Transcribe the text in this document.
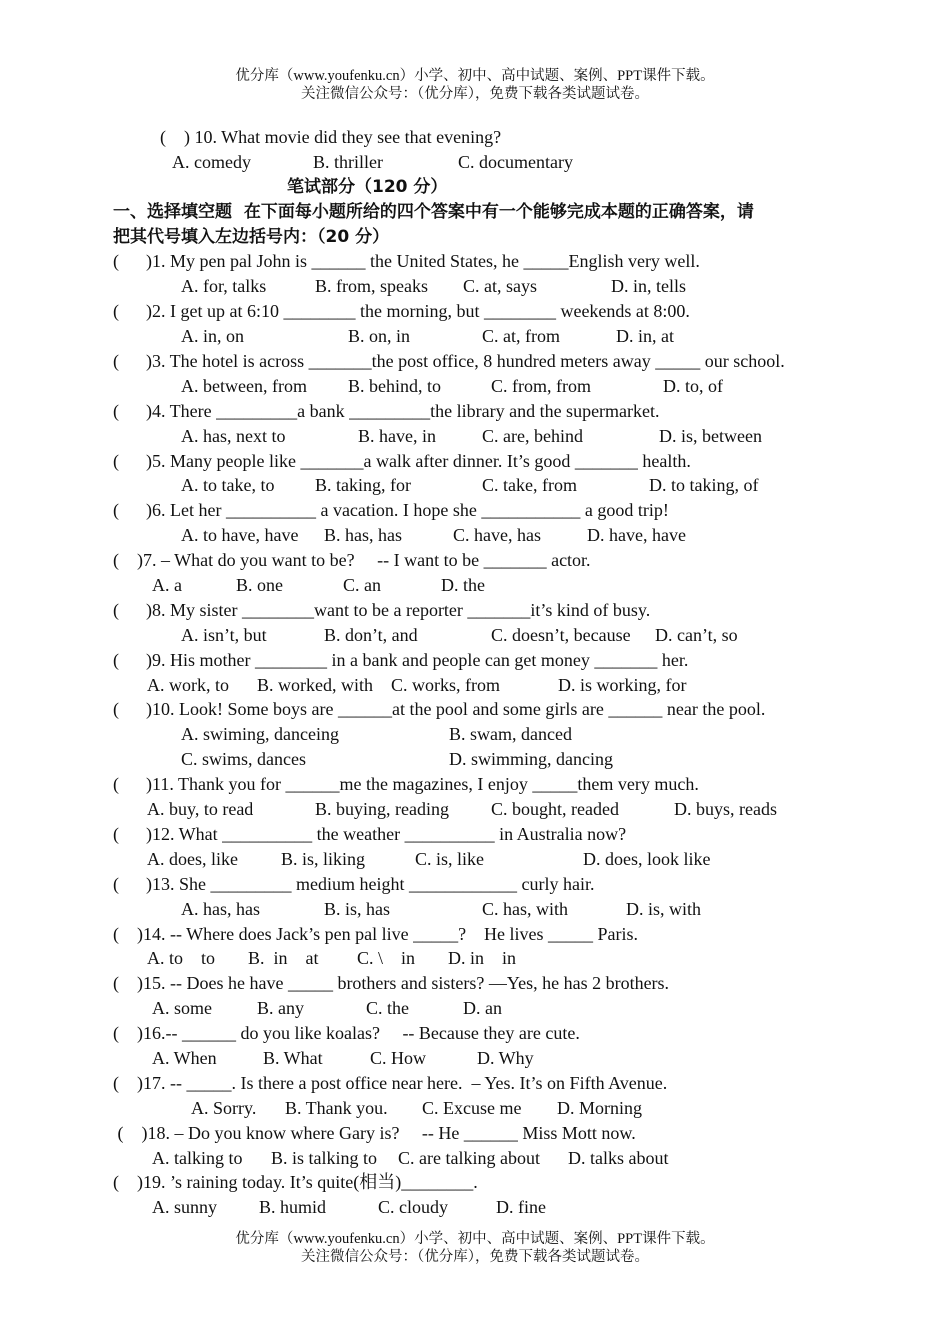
优分库（www.youfenku.cn）小学、初中、高中试题、案例、PPT课件下载。
关注微信公众号：（优分库），免费下载各类试题试卷。
(    ) 10. What movie did they see that evening?
A. comedy	B. thriller	C. documentary
笔试部分（120 分）
一、选择填空题  在下面每小题所给的四个答案中有一个能够完成本题的正确答案，请
把其代号填入左边括号内：（20 分）
(      )1. My pen pal John is ______ the United States, he _____English very well.
A. for, talks	B. from, speaks C. at, says	D. in, tells
(      )2. I get up at 6:10 ________ the morning, but ________ weekends at 8:00.
A. in, on	B. on, in	C. at, from	D. in, at
(      )3. The hotel is across _______the post office, 8 hundred meters away _____ our school.
A. between, from B. behind, to	C. from, from	D. to, of
(      )4. There _________a bank _________the library and the supermarket.
A. has, next to	B. have, in	C. are, behind	D. is, between
(      )5. Many people like _______a walk after dinner. It’s good _______ health.
A. to take, to B. taking, for	C. take, from	D. to taking, of
(      )6. Let her __________ a vacation. I hope she ___________ a good trip!
A. to have, have B. has, has	C. have, has	D. have, have
(    )7. – What do you want to be?     -- I want to be _______ actor.
A. a	B. one	C. an	D. the
(      )8. My sister ________want to be a reporter _______it’s kind of busy.
A. isn’t, but	B. don’t, and	C. doesn’t, because D. can’t, so
(      )9. His mother ________ in a bank and people can get money _______ her.
A. work, to B. worked, with C. works, from	D. is working, for
(      )10. Look! Some boys are ______at the pool and some girls are ______ near the pool.
A. swiming, danceing	B. swam, danced
C. swims, dances	D. swimming, dancing
(      )11. Thank you for ______me the magazines, I enjoy _____them very much.
A. buy, to read	B. buying, reading C. bought, readed	D. buys, reads
(      )12. What __________ the weather __________ in Australia now?
A. does, like B. is, liking	C. is, like	D. does, look like
(      )13. She _________ medium height ____________ curly hair.
A. has, has	B. is, has	C. has, with	D. is, with
(    )14. -- Where does Jack’s pen pal live _____?    He lives _____ Paris.
A. to    to B.  in    at C. \    in D. in    in
(    )15. -- Does he have _____ brothers and sisters? —Yes, he has 2 brothers.
A. some	B. any	C. the	D. an
(    )16.-- ______ do you like koalas?     -- Because they are cute.
A. When	B. What	C. How	D. Why
(    )17. -- _____. Is there a post office near here.  – Yes. It’s on Fifth Avenue.
A. Sorry. B. Thank you. C. Excuse me D. Morning
(    )18. – Do you know where Gary is?     -- He ______ Miss Mott now.
A. talking to B. is talking to C. are talking about D. talks about
(    )19. ’s raining today. It’s quite(相当)________.
A. sunny B. humid	C. cloudy	D. fine
优分库（www.youfenku.cn）小学、初中、高中试题、案例、PPT课件下载。
关注微信公众号：（优分库），免费下载各类试题试卷。
